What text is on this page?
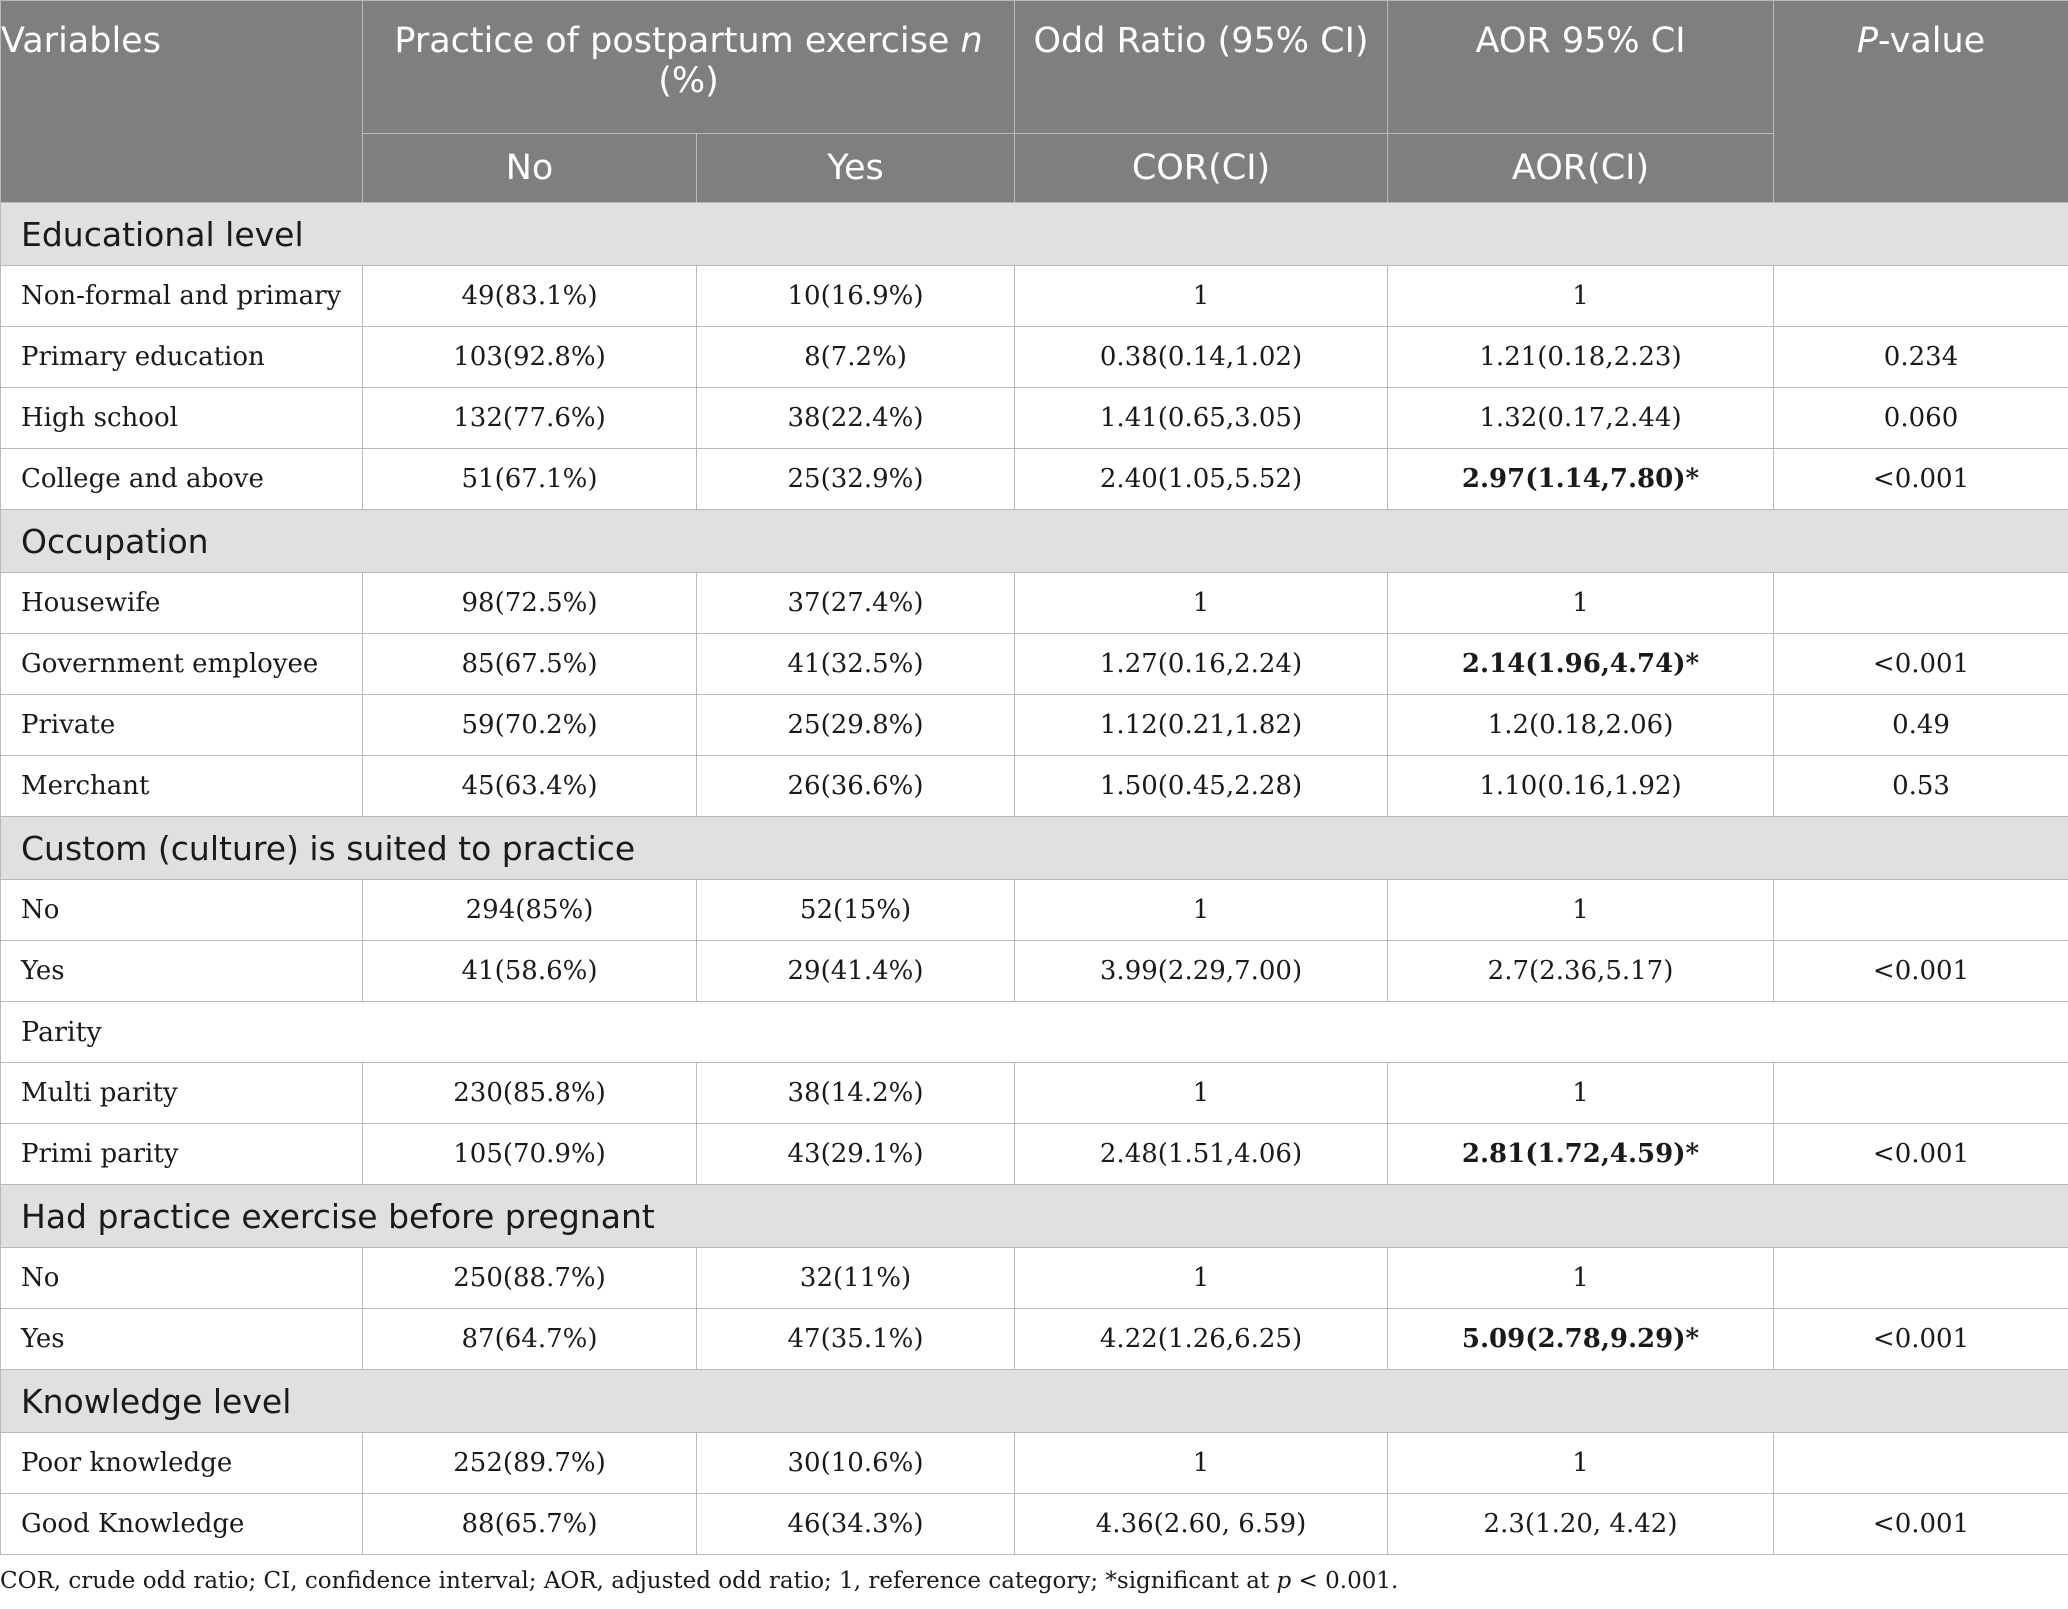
Variables	Practice of postpartum exercise n (%)		Odd Ratio (95% CI)	AOR 95% CI	P-value
	No	Yes	COR(CI)	AOR(CI)	
Educational level					
Non-formal and primary	49(83.1%)	10(16.9%)	1	1	
Primary education	103(92.8%)	8(7.2%)	0.38(0.14,1.02)	1.21(0.18,2.23)	0.234
High school	132(77.6%)	38(22.4%)	1.41(0.65,3.05)	1.32(0.17,2.44)	0.060
College and above	51(67.1%)	25(32.9%)	2.40(1.05,5.52)	2.97(1.14,7.80)*	<0.001
Occupation					
Housewife	98(72.5%)	37(27.4%)	1	1	
Government employee	85(67.5%)	41(32.5%)	1.27(0.16,2.24)	2.14(1.96,4.74)*	<0.001
Private	59(70.2%)	25(29.8%)	1.12(0.21,1.82)	1.2(0.18,2.06)	0.49
Merchant	45(63.4%)	26(36.6%)	1.50(0.45,2.28)	1.10(0.16,1.92)	0.53
Custom (culture) is suited to practice					
No	294(85%)	52(15%)	1	1	
Yes	41(58.6%)	29(41.4%)	3.99(2.29,7.00)	2.7(2.36,5.17)	<0.001
Parity					
Multi parity	230(85.8%)	38(14.2%)	1	1	
Primi parity	105(70.9%)	43(29.1%)	2.48(1.51,4.06)	2.81(1.72,4.59)*	<0.001
Had practice exercise before pregnant					
No	250(88.7%)	32(11%)	1	1	
Yes	87(64.7%)	47(35.1%)	4.22(1.26,6.25)	5.09(2.78,9.29)*	<0.001
Knowledge level					
Poor knowledge	252(89.7%)	30(10.6%)	1	1	
Good Knowledge	88(65.7%)	46(34.3%)	4.36(2.60, 6.59)	2.3(1.20, 4.42)	<0.001
COR, crude odd ratio; CI, confidence interval; AOR, adjusted odd ratio; 1, reference category; *significant at p < 0.001.
